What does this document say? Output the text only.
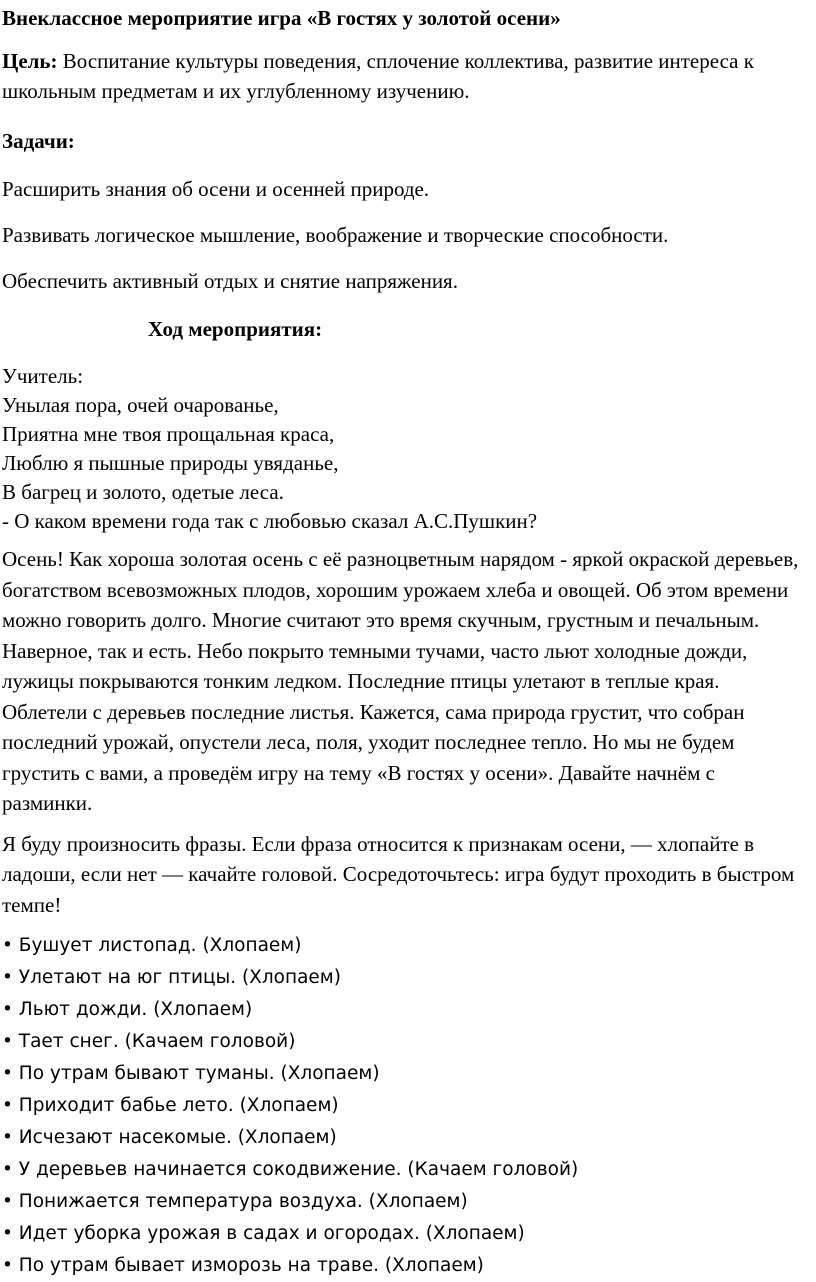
Внеклассное мероприятие игра «В гостях у золотой осени»

Цель: Воспитание культуры поведения, сплочение коллектива, развитие интереса к школьным предметам и их углубленному изучению.

Задачи:

Расширить знания об осени и осенней природе.

Развивать логическое мышление, воображение и творческие способности.

Обеспечить активный отдых и снятие напряжения.

Ход мероприятия:

Учитель:
Унылая пора, очей очарованье,
Приятна мне твоя прощальная краса,
Люблю я пышные природы увяданье,
В багрец и золото, одетые леса.
- О каком времени года так с любовью сказал А.С.Пушкин?

Осень! Как хороша золотая осень с её разноцветным нарядом - яркой окраской деревьев, богатством всевозможных плодов, хорошим урожаем хлеба и овощей. Об этом времени можно говорить долго. Многие считают это время скучным, грустным и печальным. Наверное, так и есть. Небо покрыто темными тучами, часто льют холодные дожди, лужицы покрываются тонким ледком. Последние птицы улетают в теплые края. Облетели с деревьев последние листья. Кажется, сама природа грустит, что собран последний урожай, опустели леса, поля, уходит последнее тепло. Но мы не будем грустить с вами, а проведём игру на тему «В гостях у осени». Давайте начнём с разминки.

Я буду произносить фразы. Если фраза относится к признакам осени, — хлопайте в ладоши, если нет — качайте головой. Сосредоточьтесь: игра будут проходить в быстром темпе!

• Бушует листопад. (Хлопаем)
• Улетают на юг птицы. (Хлопаем)
• Льют дожди. (Хлопаем)
• Тает снег. (Качаем головой)
• По утрам бывают туманы. (Хлопаем)
• Приходит бабье лето. (Хлопаем)
• Исчезают насекомые. (Хлопаем)
• У деревьев начинается сокодвижение. (Качаем головой)
• Понижается температура воздуха. (Хлопаем)
• Идет уборка урожая в садах и огородах. (Хлопаем)
• По утрам бывает изморозь на траве. (Хлопаем)
